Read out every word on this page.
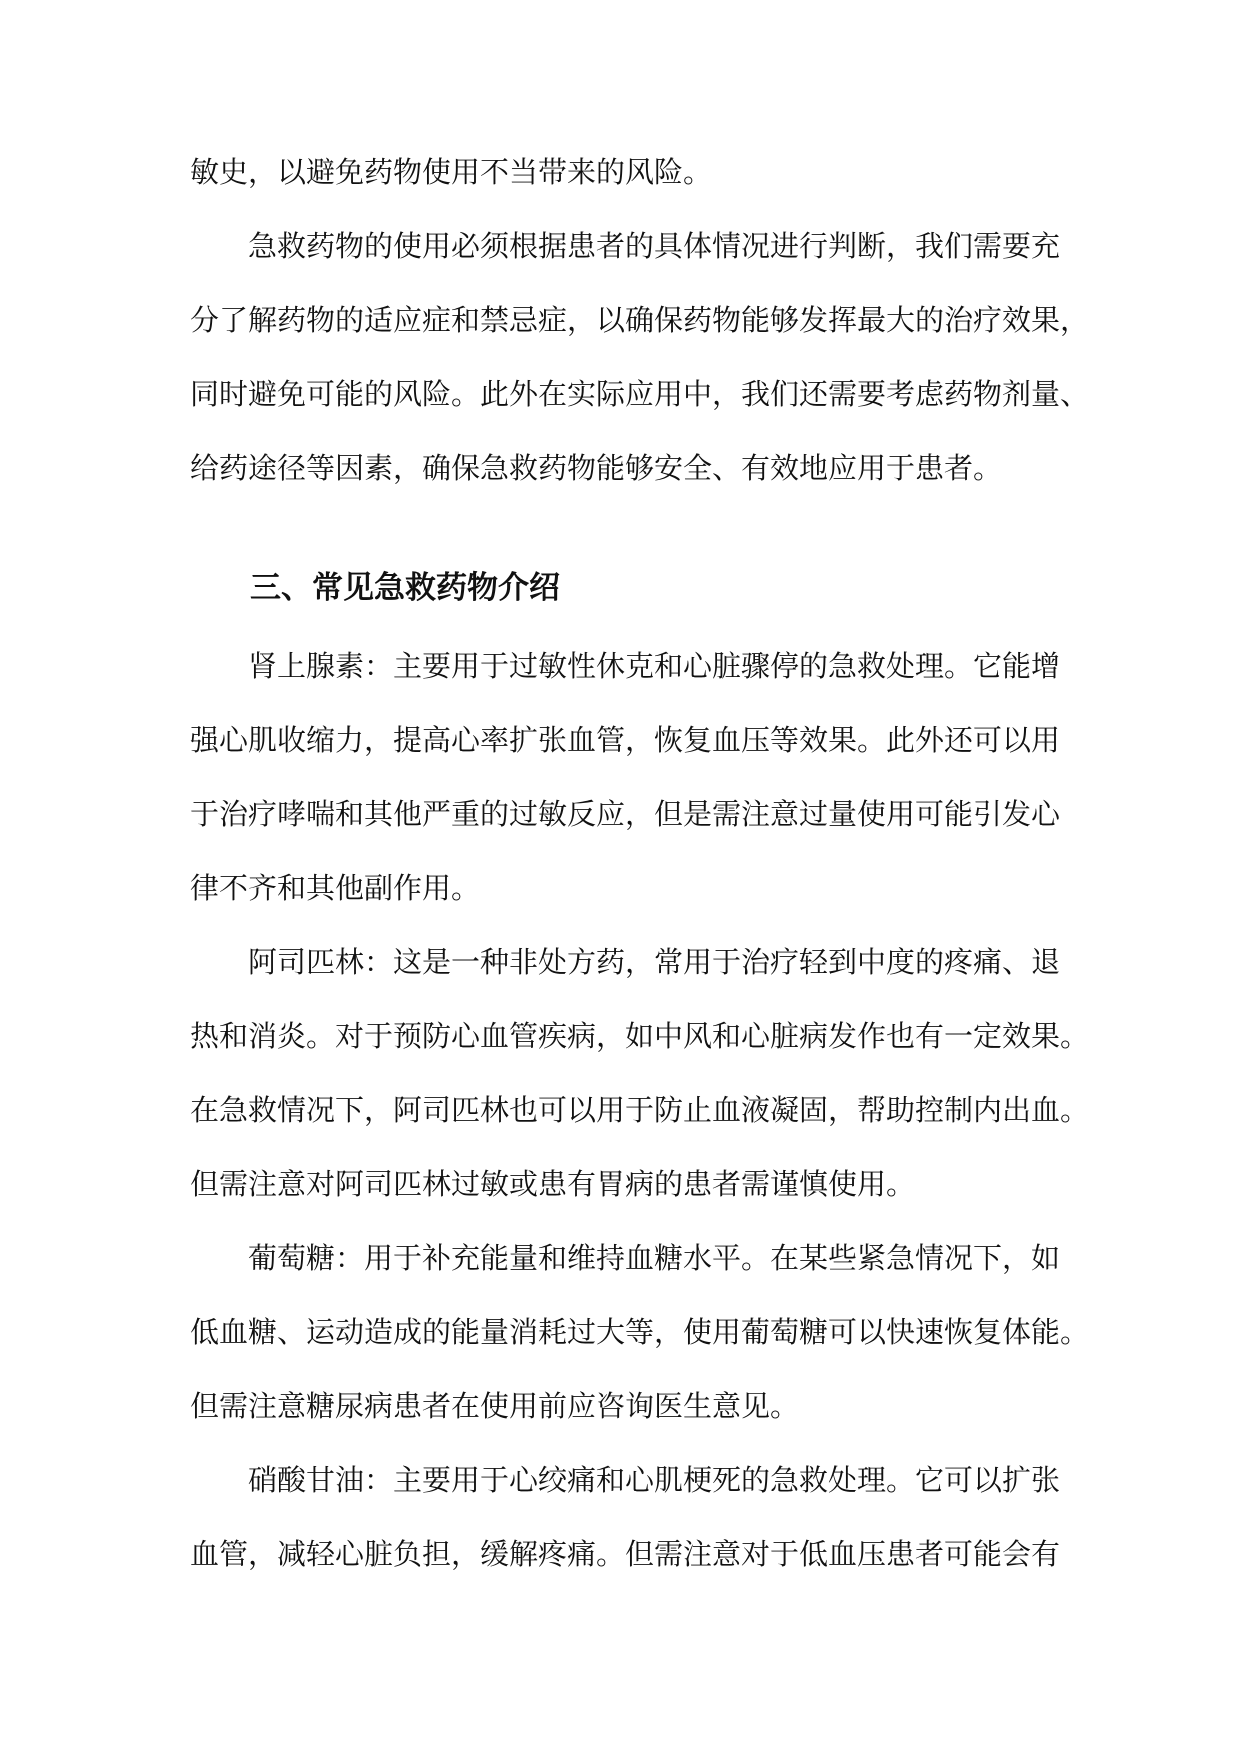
敏史，以避免药物使用不当带来的风险。
急救药物的使用必须根据患者的具体情况进行判断，我们需要充
分了解药物的适应症和禁忌症，以确保药物能够发挥最大的治疗效果，
同时避免可能的风险。此外在实际应用中，我们还需要考虑药物剂量、
给药途径等因素，确保急救药物能够安全、有效地应用于患者。
三、常见急救药物介绍
肾上腺素：主要用于过敏性休克和心脏骤停的急救处理。它能增
强心肌收缩力，提高心率扩张血管，恢复血压等效果。此外还可以用
于治疗哮喘和其他严重的过敏反应，但是需注意过量使用可能引发心
律不齐和其他副作用。
阿司匹林：这是一种非处方药，常用于治疗轻到中度的疼痛、退
热和消炎。对于预防心血管疾病，如中风和心脏病发作也有一定效果。
在急救情况下，阿司匹林也可以用于防止血液凝固，帮助控制内出血。
但需注意对阿司匹林过敏或患有胃病的患者需谨慎使用。
葡萄糖：用于补充能量和维持血糖水平。在某些紧急情况下，如
低血糖、运动造成的能量消耗过大等，使用葡萄糖可以快速恢复体能。
但需注意糖尿病患者在使用前应咨询医生意见。
硝酸甘油：主要用于心绞痛和心肌梗死的急救处理。它可以扩张
血管，减轻心脏负担，缓解疼痛。但需注意对于低血压患者可能会有
